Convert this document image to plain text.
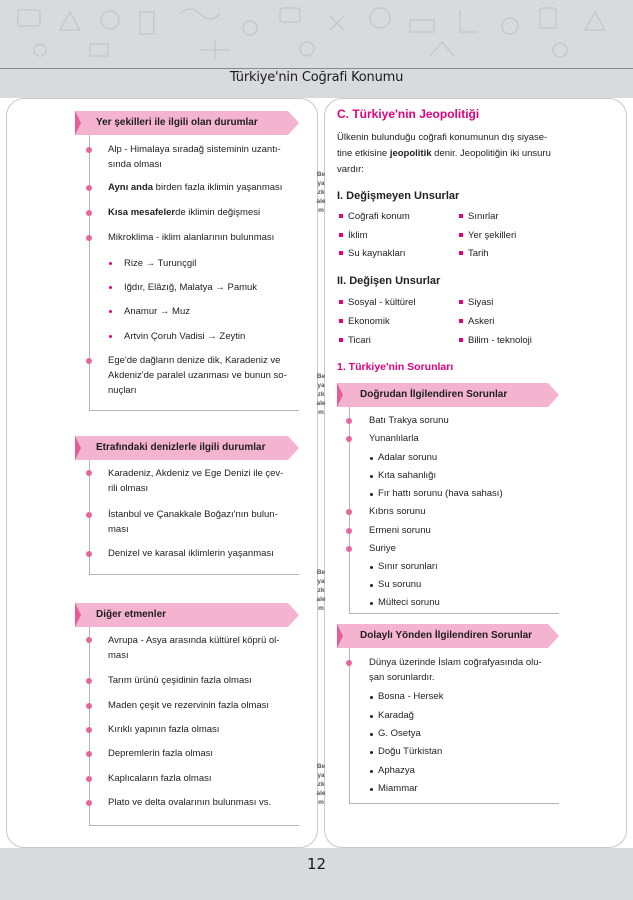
Türkiye'nin Coğrafi Konumu
12
Beyazkalem
Beyazkalem
Beyazkalem
Beyazkalem
Yer şekilleri ile ilgili olan durumlar
Alp - Himalaya sıradağ sisteminin uzantı-
sında olması
Aynı anda birden fazla iklimin yaşanması
Kısa mesafelerde iklimin değişmesi
Mikroklima - iklim alanlarının bulunması
Rize → Turunçgil
Iğdır, Elâzığ, Malatya → Pamuk
Anamur → Muz
Artvin Çoruh Vadisi → Zeytin
Ege'de dağların denize dik, Karadeniz ve
Akdeniz'de paralel uzanması ve bunun so-
nuçları
Etrafındaki denizlerle ilgili durumlar
Karadeniz, Akdeniz ve Ege Denizi ile çev-
rili olması
İstanbul ve Çanakkale Boğazı'nın bulun-
ması
Denizel ve karasal iklimlerin yaşanması
Diğer etmenler
Avrupa - Asya arasında kültürel köprü ol-
ması
Tarım ürünü çeşidinin fazla olması
Maden çeşit ve rezervinin fazla olması
Kırıklı yapının fazla olması
Depremlerin fazla olması
Kaplıcaların fazla olması
Plato ve delta ovalarının bulunması vs.
C. Türkiye'nin Jeopolitiği
Ülkenin bulunduğu coğrafi konumunun dış siyase-
tine etkisine jeopolitik denir. Jeopolitiğin iki unsuru
vardır:
I. Değişmeyen Unsurlar
Coğrafi konum
İklim
Su kaynakları
Sınırlar
Yer şekilleri
Tarih
II. Değişen Unsurlar
Sosyal - kültürel
Ekonomik
Ticari
Siyasi
Askeri
Bilim - teknoloji
1. Türkiye'nin Sorunları
Doğrudan İlgilendiren Sorunlar
Batı Trakya sorunu
Yunanlılarla
Adalar sorunu
Kıta sahanlığı
Fır hattı sorunu (hava sahası)
Kıbrıs sorunu
Ermeni sorunu
Suriye
Sınır sorunları
Su sorunu
Mülteci sorunu
Dolaylı Yönden İlgilendiren Sorunlar
Dünya üzerinde İslam coğrafyasında olu-
şan sorunlardır.
Bosna - Hersek
Karadağ
G. Osetya
Doğu Türkistan
Aphazya
Miammar
